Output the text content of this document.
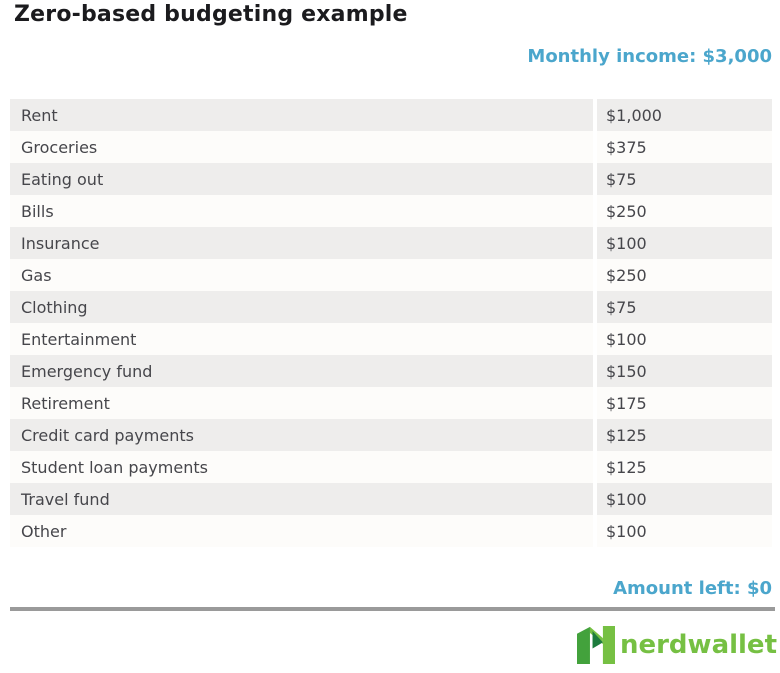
Zero-based budgeting example
Monthly income: $3,000
Rent	$1,000
Groceries	$375
Eating out	$75
Bills	$250
Insurance	$100
Gas	$250
Clothing	$75
Entertainment	$100
Emergency fund	$150
Retirement	$175
Credit card payments	$125
Student loan payments	$125
Travel fund	$100
Other	$100
Amount left: $0
nerdwallet
